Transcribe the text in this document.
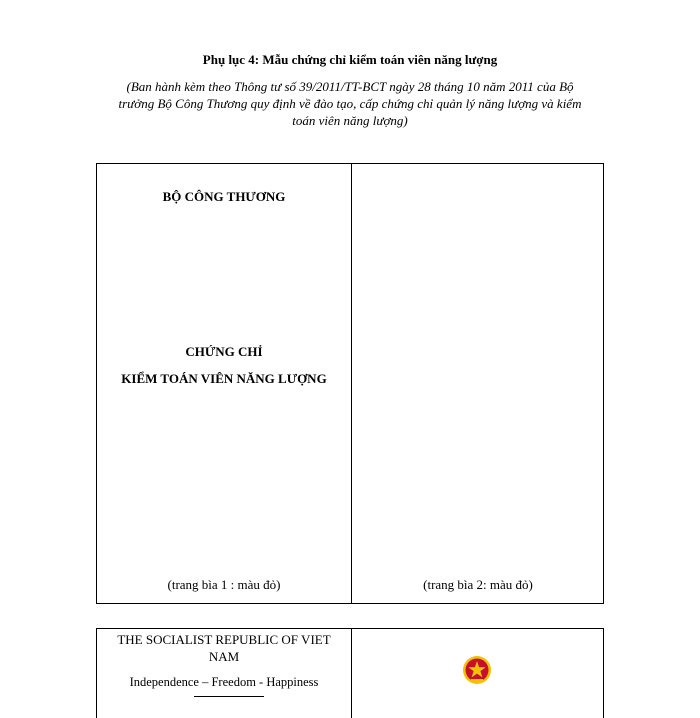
Phụ lục 4: Mẫu chứng chỉ kiểm toán viên năng lượng
(Ban hành kèm theo Thông tư số 39/2011/TT-BCT ngày 28 tháng 10 năm 2011 của Bộ trưởng Bộ Công Thương quy định về đào tạo, cấp chứng chỉ quản lý năng lượng và kiểm toán viên năng lượng)
BỘ CÔNG THƯƠNG
CHỨNG CHỈ
KIỂM TOÁN VIÊN NĂNG LƯỢNG
(trang bìa 1 : màu đỏ)	(trang bìa 2: màu đỏ)
THE SOCIALIST REPUBLIC OF VIET NAM
Independence – Freedom - Happiness
